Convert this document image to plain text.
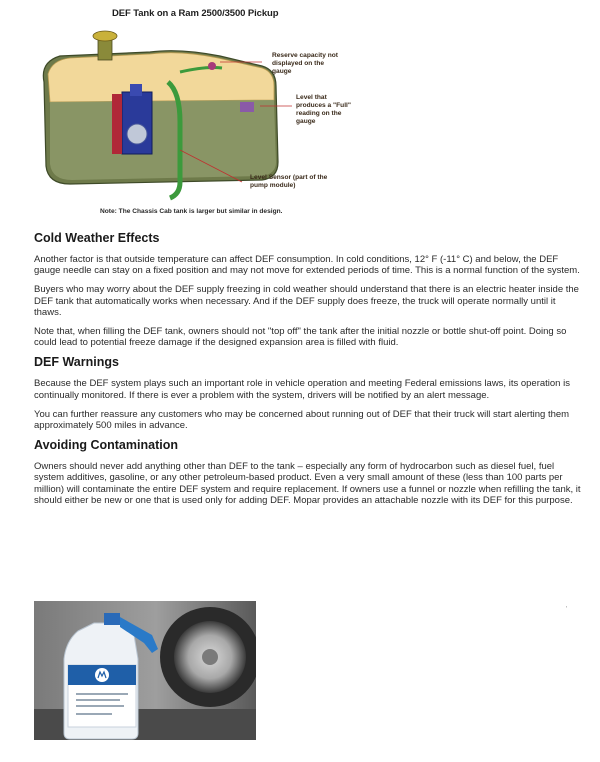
DEF Tank on a Ram 2500/3500 Pickup
Reserve capacity not displayed on the gauge
Level that produces a "Full" reading on the gauge
Level Sensor (part of the pump module)
Note: The Chassis Cab tank is larger but similar in design.
Cold Weather Effects

Another factor is that outside temperature can affect DEF consumption. In cold conditions, 12° F (-11° C) and below, the DEF gauge needle can stay on a fixed position and may not move for extended periods of time. This is a normal function of the system.

Buyers who may worry about the DEF supply freezing in cold weather should understand that there is an electric heater inside the DEF tank that automatically works when necessary. And if the DEF supply does freeze, the truck will operate normally until it thaws.

Note that, when filling the DEF tank, owners should not "top off" the tank after the initial nozzle or bottle shut-off point. Doing so could lead to potential freeze damage if the designed expansion area is filled with fluid.

DEF Warnings

Because the DEF system plays such an important role in vehicle operation and meeting Federal emissions laws, its operation is continually monitored. If there is ever a problem with the system, drivers will be notified by an alert message.

You can further reassure any customers who may be concerned about running out of DEF that their truck will start alerting them approximately 500 miles in advance.

Avoiding Contamination

Owners should never add anything other than DEF to the tank – especially any form of hydrocarbon such as diesel fuel, fuel system additives, gasoline, or any other petroleum-based product. Even a very small amount of these (less than 100 parts per million) will contaminate the entire DEF system and require replacement. If owners use a funnel or nozzle when refilling the tank, it should either be new or one that is used only for adding DEF. Mopar provides an attachable nozzle with its DEF for this purpose.

'
